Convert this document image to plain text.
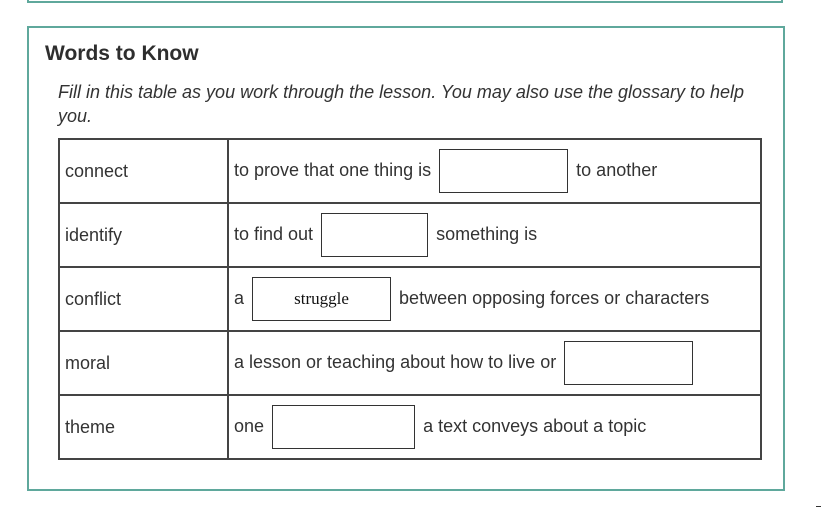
Words to Know
Fill in this table as you work through the lesson. You may also use the glossary to help you.
connect	to prove that one thing is to another
identify	to find out something is
conflict	a struggle between opposing forces or characters
moral	a lesson or teaching about how to live or
theme	one a text conveys about a topic
